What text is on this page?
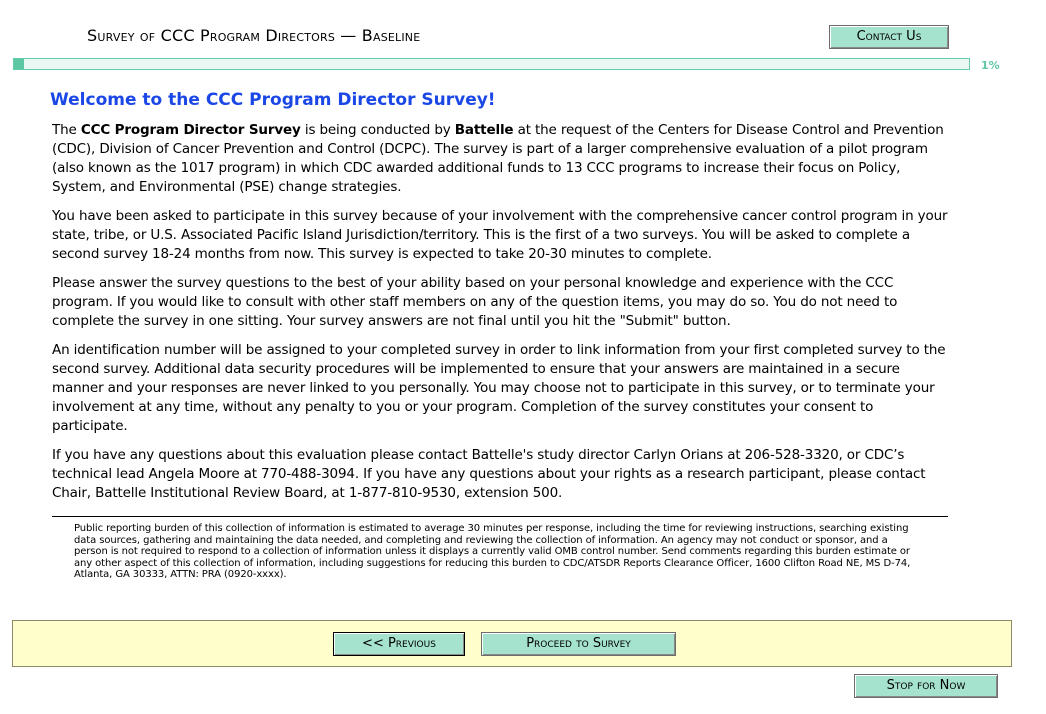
Survey of CCC Program Directors — Baseline	Contact Us
1%
Welcome to the CCC Program Director Survey!

The CCC Program Director Survey is being conducted by Battelle at the request of the Centers for Disease Control and Prevention (CDC), Division of Cancer Prevention and Control (DCPC). The survey is part of a larger comprehensive evaluation of a pilot program (also known as the 1017 program) in which CDC awarded additional funds to 13 CCC programs to increase their focus on Policy, System, and Environmental (PSE) change strategies.

You have been asked to participate in this survey because of your involvement with the comprehensive cancer control program in your state, tribe, or U.S. Associated Pacific Island Jurisdiction/territory. This is the first of a two surveys. You will be asked to complete a second survey 18-24 months from now. This survey is expected to take 20-30 minutes to complete.

Please answer the survey questions to the best of your ability based on your personal knowledge and experience with the CCC program. If you would like to consult with other staff members on any of the question items, you may do so. You do not need to complete the survey in one sitting. Your survey answers are not final until you hit the "Submit" button.

An identification number will be assigned to your completed survey in order to link information from your first completed survey to the second survey. Additional data security procedures will be implemented to ensure that your answers are maintained in a secure manner and your responses are never linked to you personally. You may choose not to participate in this survey, or to terminate your involvement at any time, without any penalty to you or your program. Completion of the survey constitutes your consent to participate.

If you have any questions about this evaluation please contact Battelle's study director Carlyn Orians at 206-528-3320, or CDC’s technical lead Angela Moore at 770-488-3094. If you have any questions about your rights as a research participant, please contact Chair, Battelle Institutional Review Board, at 1-877-810-9530, extension 500.

Public reporting burden of this collection of information is estimated to average 30 minutes per response, including the time for reviewing instructions, searching existing data sources, gathering and maintaining the data needed, and completing and reviewing the collection of information. An agency may not conduct or sponsor, and a person is not required to respond to a collection of information unless it displays a currently valid OMB control number. Send comments regarding this burden estimate or any other aspect of this collection of information, including suggestions for reducing this burden to CDC/ATSDR Reports Clearance Officer, 1600 Clifton Road NE, MS D-74, Atlanta, GA 30333, ATTN: PRA (0920-xxxx).
<< Previous	Proceed to Survey
Stop for Now
